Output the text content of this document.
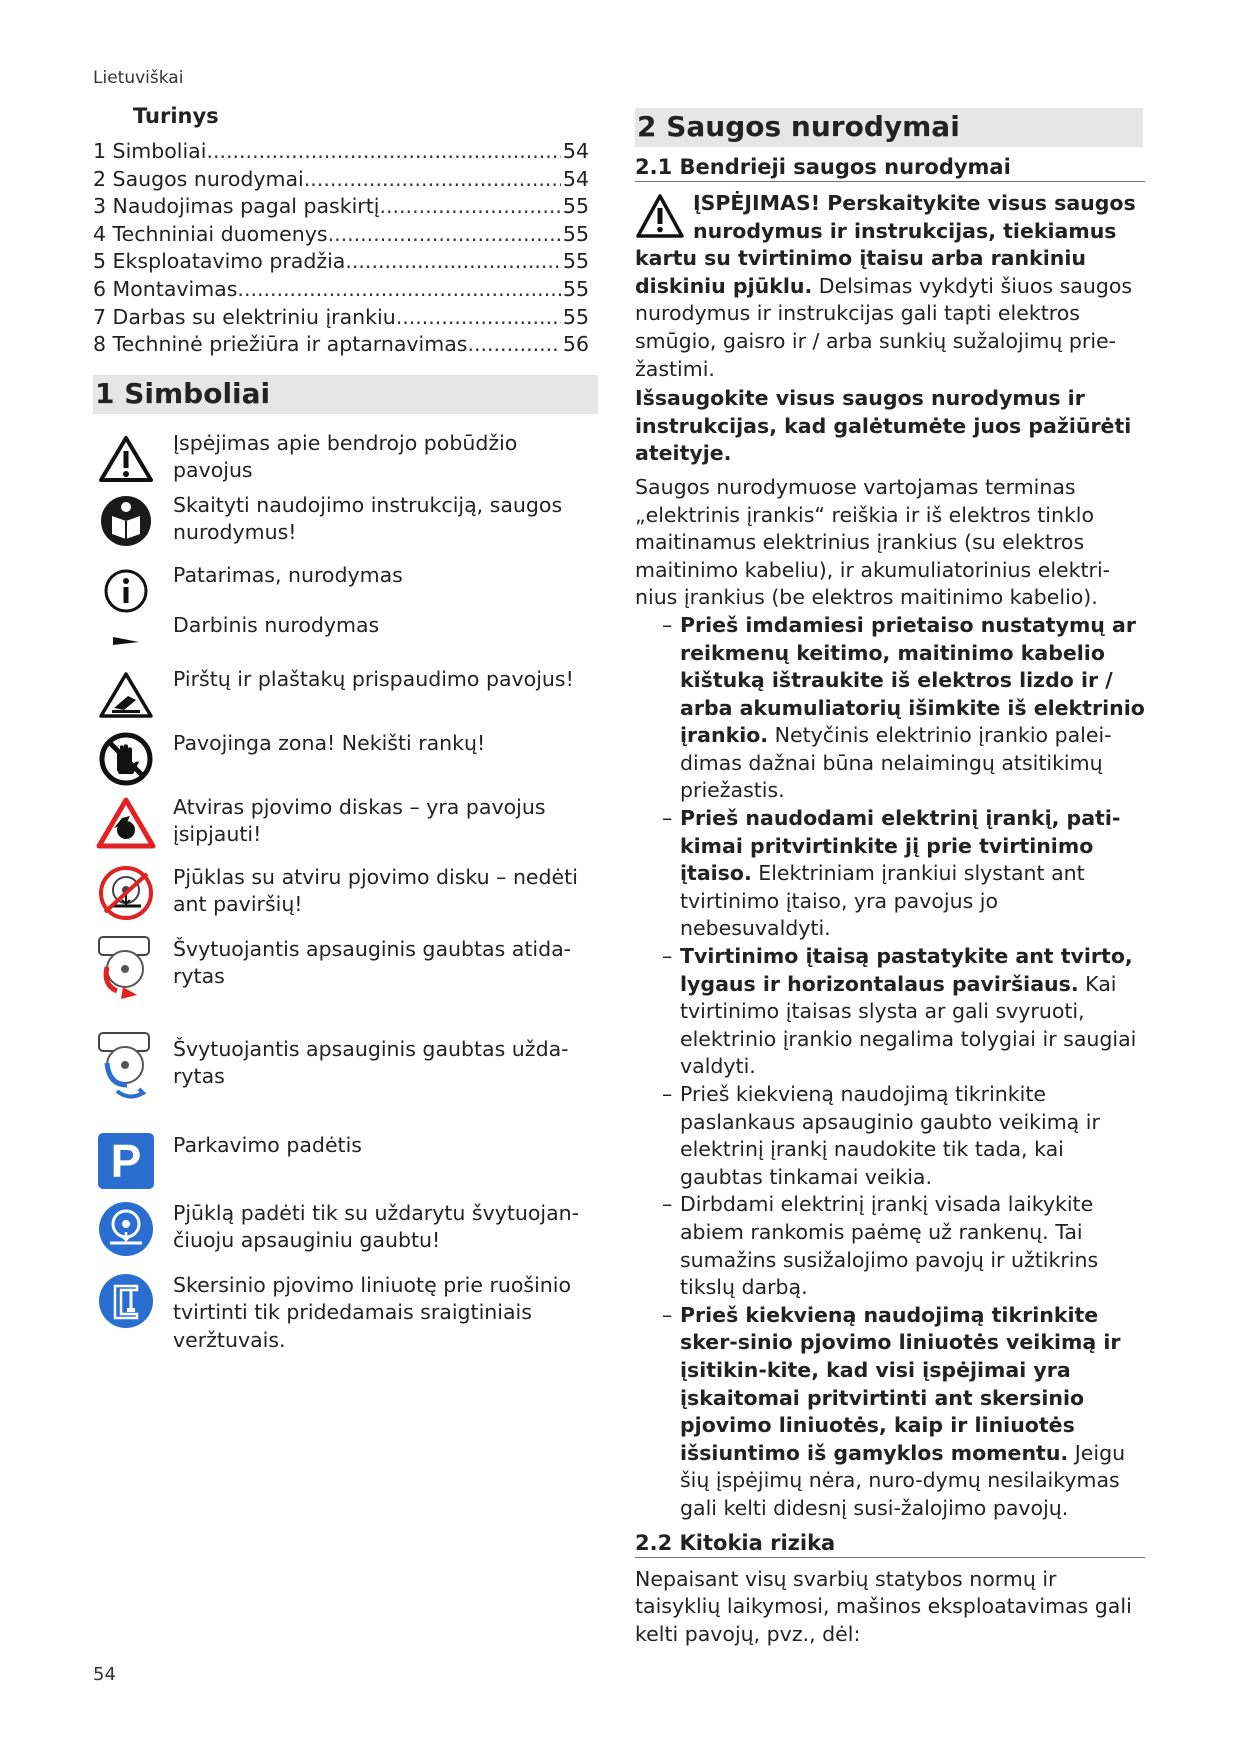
Lietuviškai
Turinys
1 Simboliai .....	54
2 Saugos nurodymai .....	54
3 Naudojimas pagal paskirtį .....	55
4 Techniniai duomenys .....	55
5 Eksploatavimo pradžia .....	55
6 Montavimas .....	55
7 Darbas su elektriniu įrankiu .....	55
8 Techninė priežiūra ir aptarnavimas .....	56
1 Simboliai
Įspėjimas apie bendrojo pobūdžio pavojus
Skaityti naudojimo instrukciją, saugos nurodymus!
Patarimas, nurodymas
Darbinis nurodymas
Pirštų ir plaštakų prispaudimo pavojus!
Pavojinga zona! Nekišti rankų!
Atviras pjovimo diskas – yra pavojus įsipjauti!
Pjūklas su atviru pjovimo disku – nedėti ant paviršių!
Švytuojantis apsauginis gaubtas atida-rytas
Švytuojantis apsauginis gaubtas užda-rytas
P	Parkavimo padėtis
Pjūklą padėti tik su uždarytu švytuojan-čiuoju apsauginiu gaubtu!
Skersinio pjovimo liniuotę prie ruošinio tvirtinti tik pridedamais sraigtiniais veržtuvais.
2 Saugos nurodymai
2.1 Bendrieji saugos nurodymai
ĮSPĖJIMAS! Perskaitykite visus saugos nurodymus ir instrukcijas, tiekiamus kartu su tvirtinimo įtaisu arba rankiniu diskiniu pjūklu. Delsimas vykdyti šiuos saugos nurodymus ir instrukcijas gali tapti elektros smūgio, gaisro ir / arba sunkių sužalojimų prie-žastimi.
Išsaugokite visus saugos nurodymus ir instrukcijas, kad galėtumėte juos pažiūrėti ateityje.
Saugos nurodymuose vartojamas terminas „elektrinis įrankis“ reiškia ir iš elektros tinklo maitinamus elektrinius įrankius (su elektros maitinimo kabeliu), ir akumuliatorinius elektri-nius įrankius (be elektros maitinimo kabelio).
–Prieš imdamiesi prietaiso nustatymų ar reikmenų keitimo, maitinimo kabelio kištuką ištraukite iš elektros lizdo ir / arba akumuliatorių išimkite iš elektrinio įrankio. Netyčinis elektrinio įrankio palei-dimas dažnai būna nelaimingų atsitikimų priežastis.
–Prieš naudodami elektrinį įrankį, pati-kimai pritvirtinkite jį prie tvirtinimo įtaiso. Elektriniam įrankiui slystant ant tvirtinimo įtaiso, yra pavojus jo nebesuvaldyti.
–Tvirtinimo įtaisą pastatykite ant tvirto, lygaus ir horizontalaus paviršiaus. Kai tvirtinimo įtaisas slysta ar gali svyruoti, elektrinio įrankio negalima tolygiai ir saugiai valdyti.
–Prieš kiekvieną naudojimą tikrinkite paslankaus apsauginio gaubto veikimą ir elektrinį įrankį naudokite tik tada, kai gaubtas tinkamai veikia.
–Dirbdami elektrinį įrankį visada laikykite abiem rankomis paėmę už rankenų. Tai sumažins susižalojimo pavojų ir užtikrins tikslų darbą.
–Prieš kiekvieną naudojimą tikrinkite sker-sinio pjovimo liniuotės veikimą ir įsitikin-kite, kad visi įspėjimai yra įskaitomai pritvirtinti ant skersinio pjovimo liniuotės, kaip ir liniuotės išsiuntimo iš gamyklos momentu. Jeigu šių įspėjimų nėra, nuro-dymų nesilaikymas gali kelti didesnį susi-žalojimo pavojų.
2.2 Kitokia rizika
Nepaisant visų svarbių statybos normų ir taisyklių laikymosi, mašinos eksploatavimas gali kelti pavojų, pvz., dėl:
54
